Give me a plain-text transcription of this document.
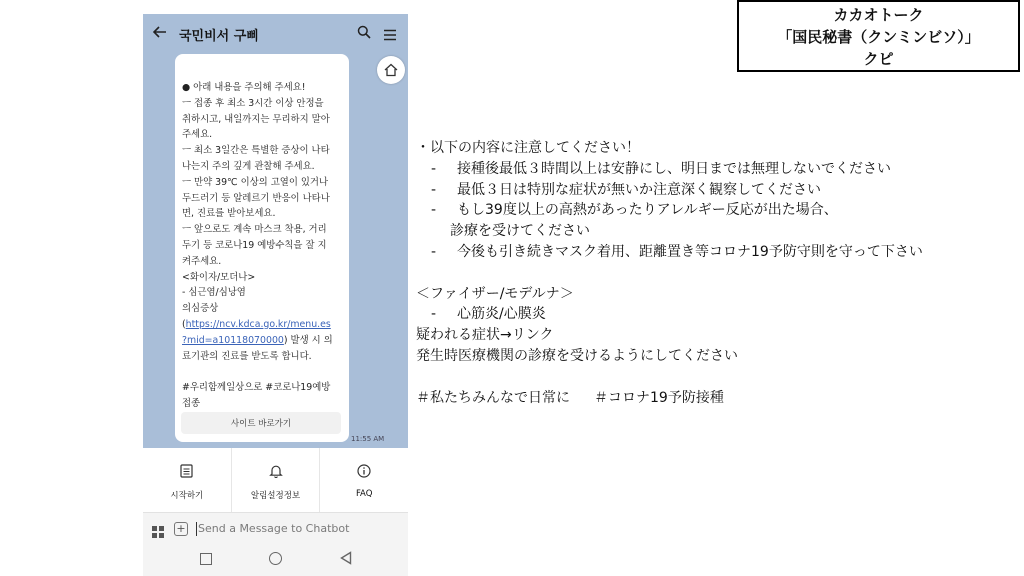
국민비서 구삐
● 아래 내용을 주의해 주세요!
ㅡ 접종 후 최소 3시간 이상 안정을
취하시고, 내일까지는 무리하지 말아
주세요.
ㅡ 최소 3일간은 특별한 증상이 나타
나는지 주의 깊게 관찰해 주세요.
ㅡ 만약 39℃ 이상의 고열이 있거나
두드러기 등 알레르기 반응이 나타나
면, 진료를 받아보세요.
ㅡ 앞으로도 계속 마스크 착용, 거리
두기 등 코로나19 예방수칙을 잘 지
켜주세요.
<화이자/모더나>
- 심근염/심낭염
의심증상
(https://ncv.kdca.go.kr/menu.es
?mid=a10118070000) 발생 시 의
료기관의 진료를 받도록 합니다.
#우리함께일상으로 #코로나19예방
접종
사이트 바로가기
11:55 AM
시작하기	알림설정정보	FAQ
+ Send a Message to Chatbot
カカオトーク
「国民秘書（クンミンビソ）」
クピ
・以下の内容に注意してください！
- 接種後最低３時間以上は安静にし、明日までは無理しないでください
- 最低３日は特別な症状が無いか注意深く観察してください
- もし39度以上の高熱があったりアレルギー反応が出た場合、
診療を受けてください
- 今後も引き続きマスク着用、距離置き等コロナ19予防守則を守って下さい
＜ファイザー/モデルナ＞
- 心筋炎/心膜炎
疑われる症状→リンク
発生時医療機関の診療を受けるようにしてください
＃私たちみんなで日常に ＃コロナ19予防接種
